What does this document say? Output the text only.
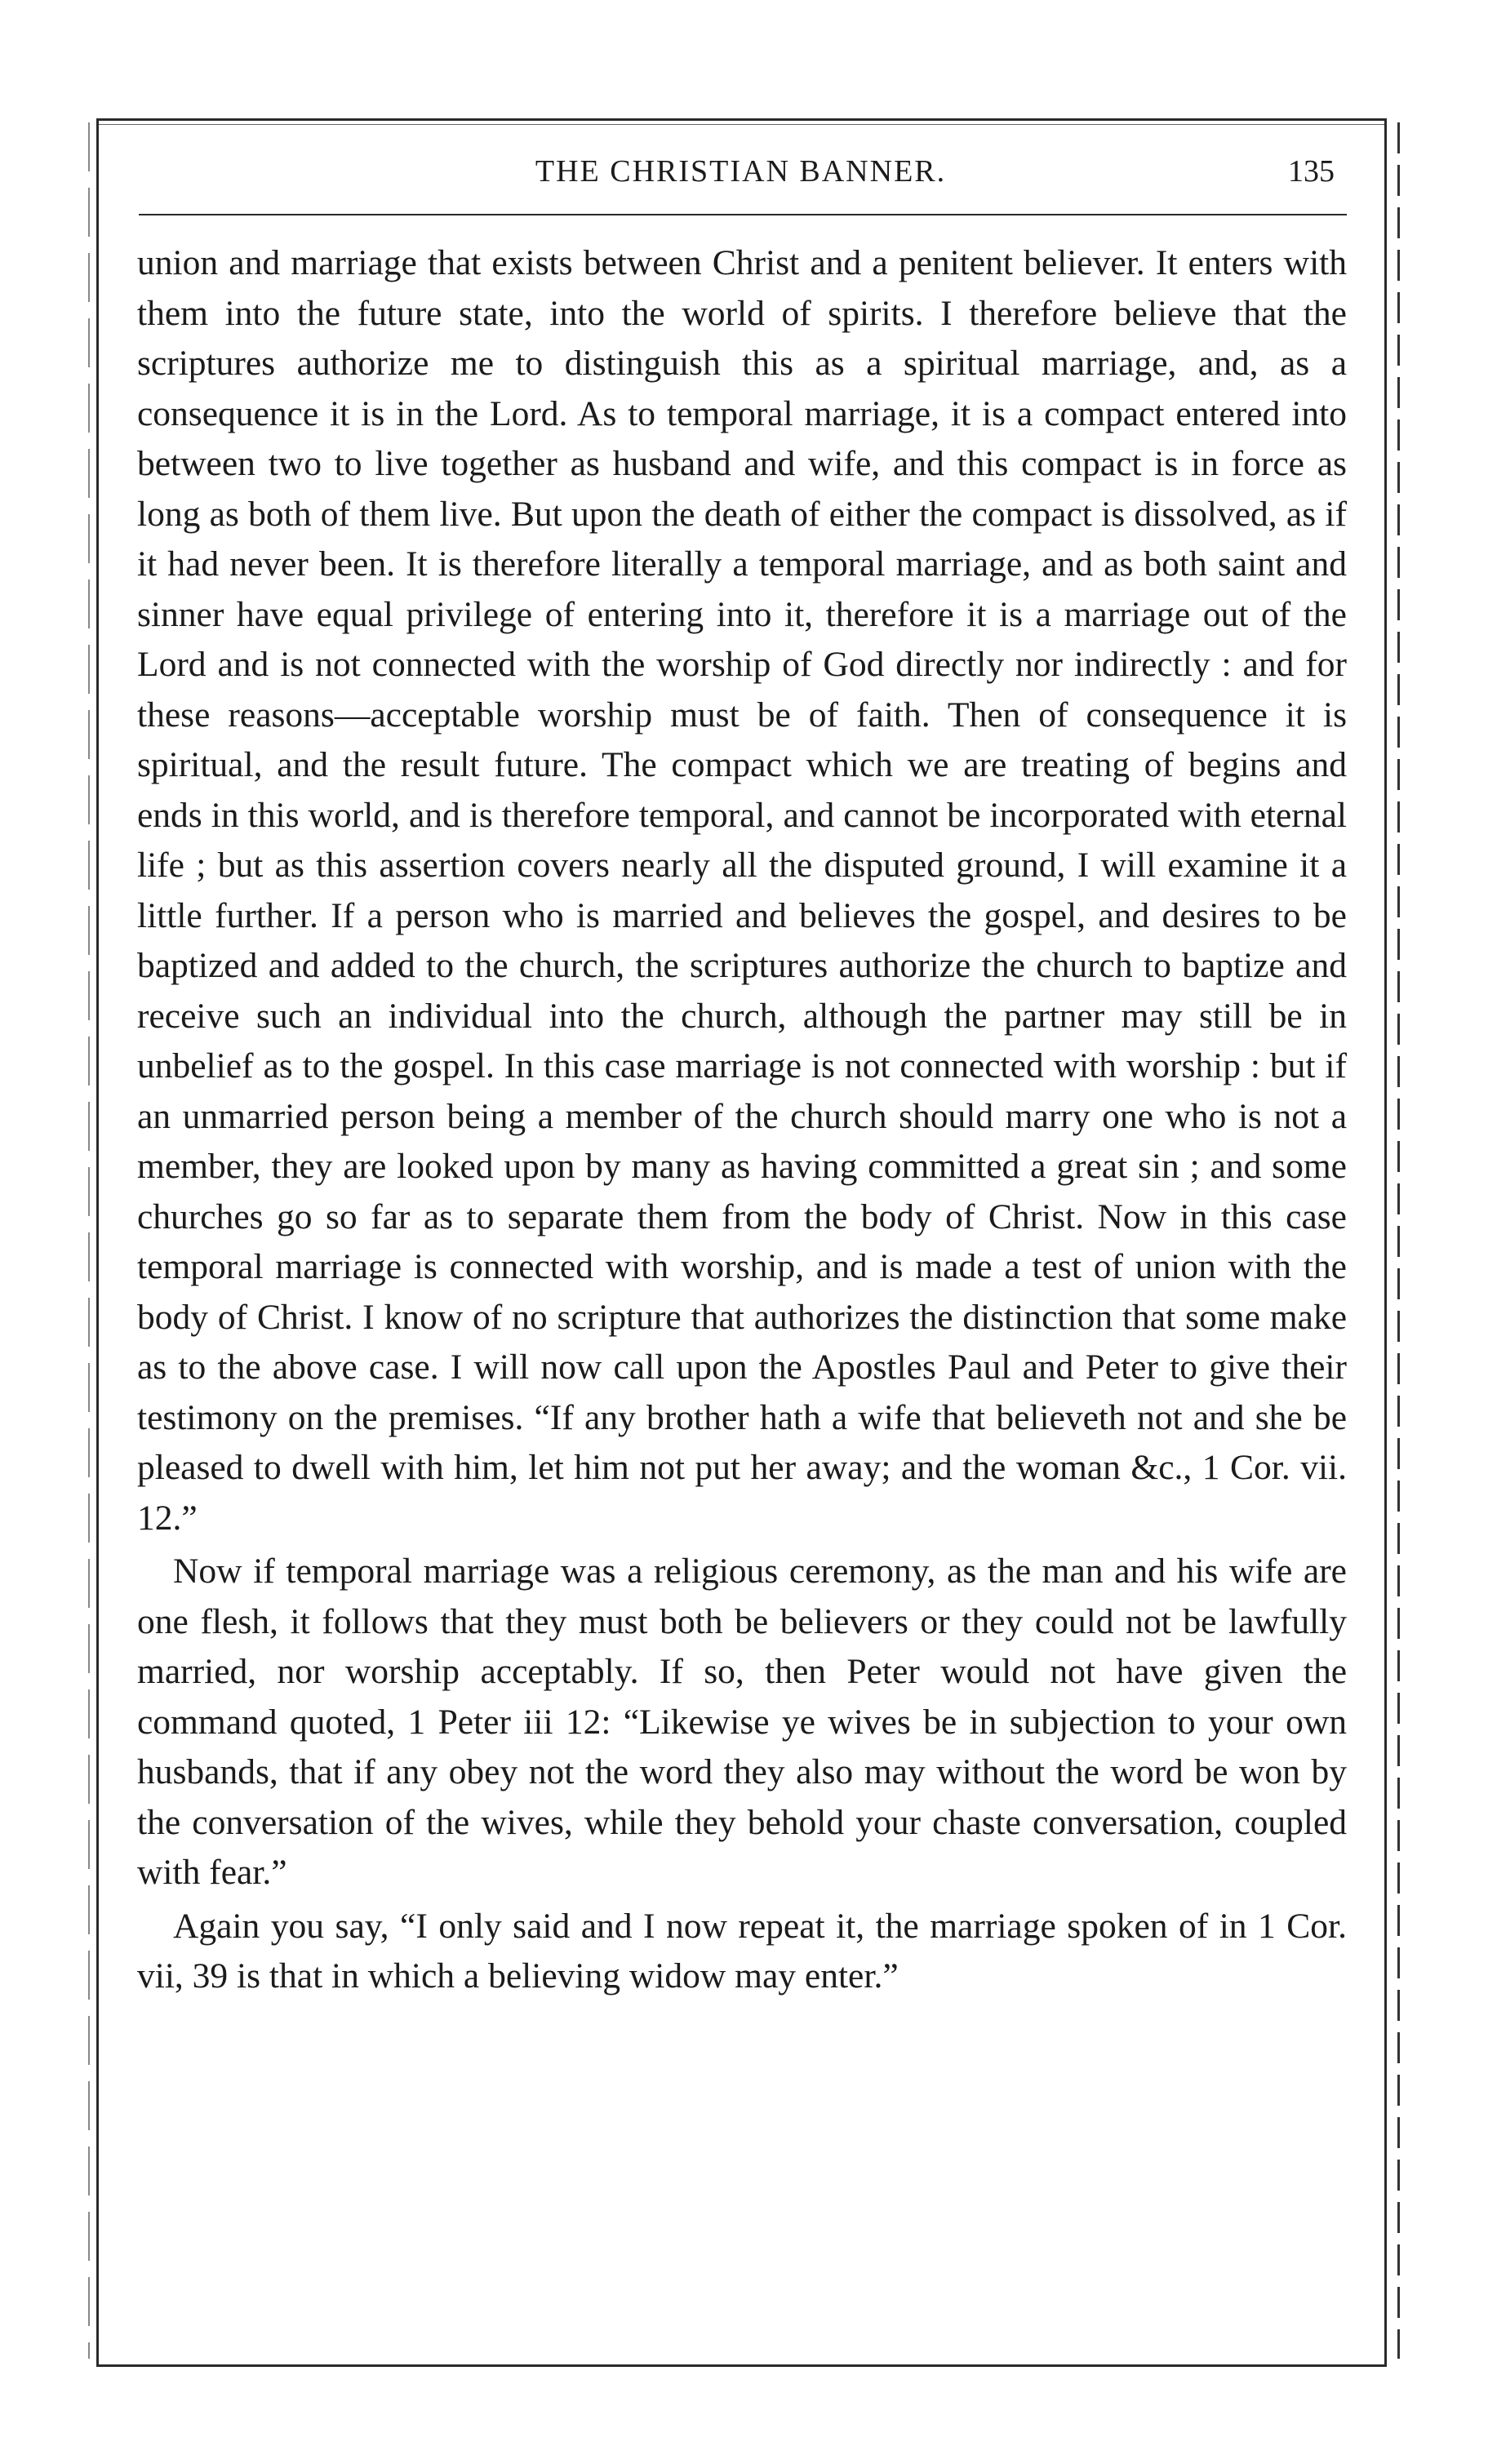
THE CHRISTIAN BANNER.	135

union and marriage that exists between Christ and a penitent believer. It enters with them into the future state, into the world of spirits. I therefore believe that the scriptures authorize me to distinguish this as a spiritual marriage, and, as a consequence it is in the Lord. As to temporal marriage, it is a compact entered into between two to live together as husband and wife, and this compact is in force as long as both of them live. But upon the death of either the compact is dissolved, as if it had never been. It is therefore literally a temporal marriage, and as both saint and sinner have equal privilege of entering into it, therefore it is a marriage out of the Lord and is not connected with the worship of God directly nor indirectly : and for these reasons—acceptable worship must be of faith. Then of consequence it is spiritual, and the result future. The compact which we are treating of begins and ends in this world, and is therefore temporal, and cannot be incorporated with eternal life ; but as this assertion covers nearly all the disputed ground, I will examine it a little further. If a person who is married and believes the gospel, and desires to be baptized and added to the church, the scriptures authorize the church to baptize and receive such an individual into the church, although the partner may still be in unbelief as to the gospel. In this case marriage is not connected with worship : but if an unmarried person being a member of the church should marry one who is not a member, they are looked upon by many as having committed a great sin ; and some churches go so far as to separate them from the body of Christ. Now in this case temporal marriage is connected with worship, and is made a test of union with the body of Christ. I know of no scripture that authorizes the distinction that some make as to the above case. I will now call upon the Apostles Paul and Peter to give their testimony on the premises. “If any brother hath a wife that believeth not and she be pleased to dwell with him, let him not put her away; and the woman &c., 1 Cor. vii. 12.”

Now if temporal marriage was a religious ceremony, as the man and his wife are one flesh, it follows that they must both be believers or they could not be lawfully married, nor worship acceptably. If so, then Peter would not have given the command quoted, 1 Peter iii 12: “Likewise ye wives be in subjection to your own husbands, that if any obey not the word they also may without the word be won by the conversation of the wives, while they behold your chaste conversation, coupled with fear.”

Again you say, “I only said and I now repeat it, the marriage spoken of in 1 Cor. vii, 39 is that in which a believing widow may enter.”
